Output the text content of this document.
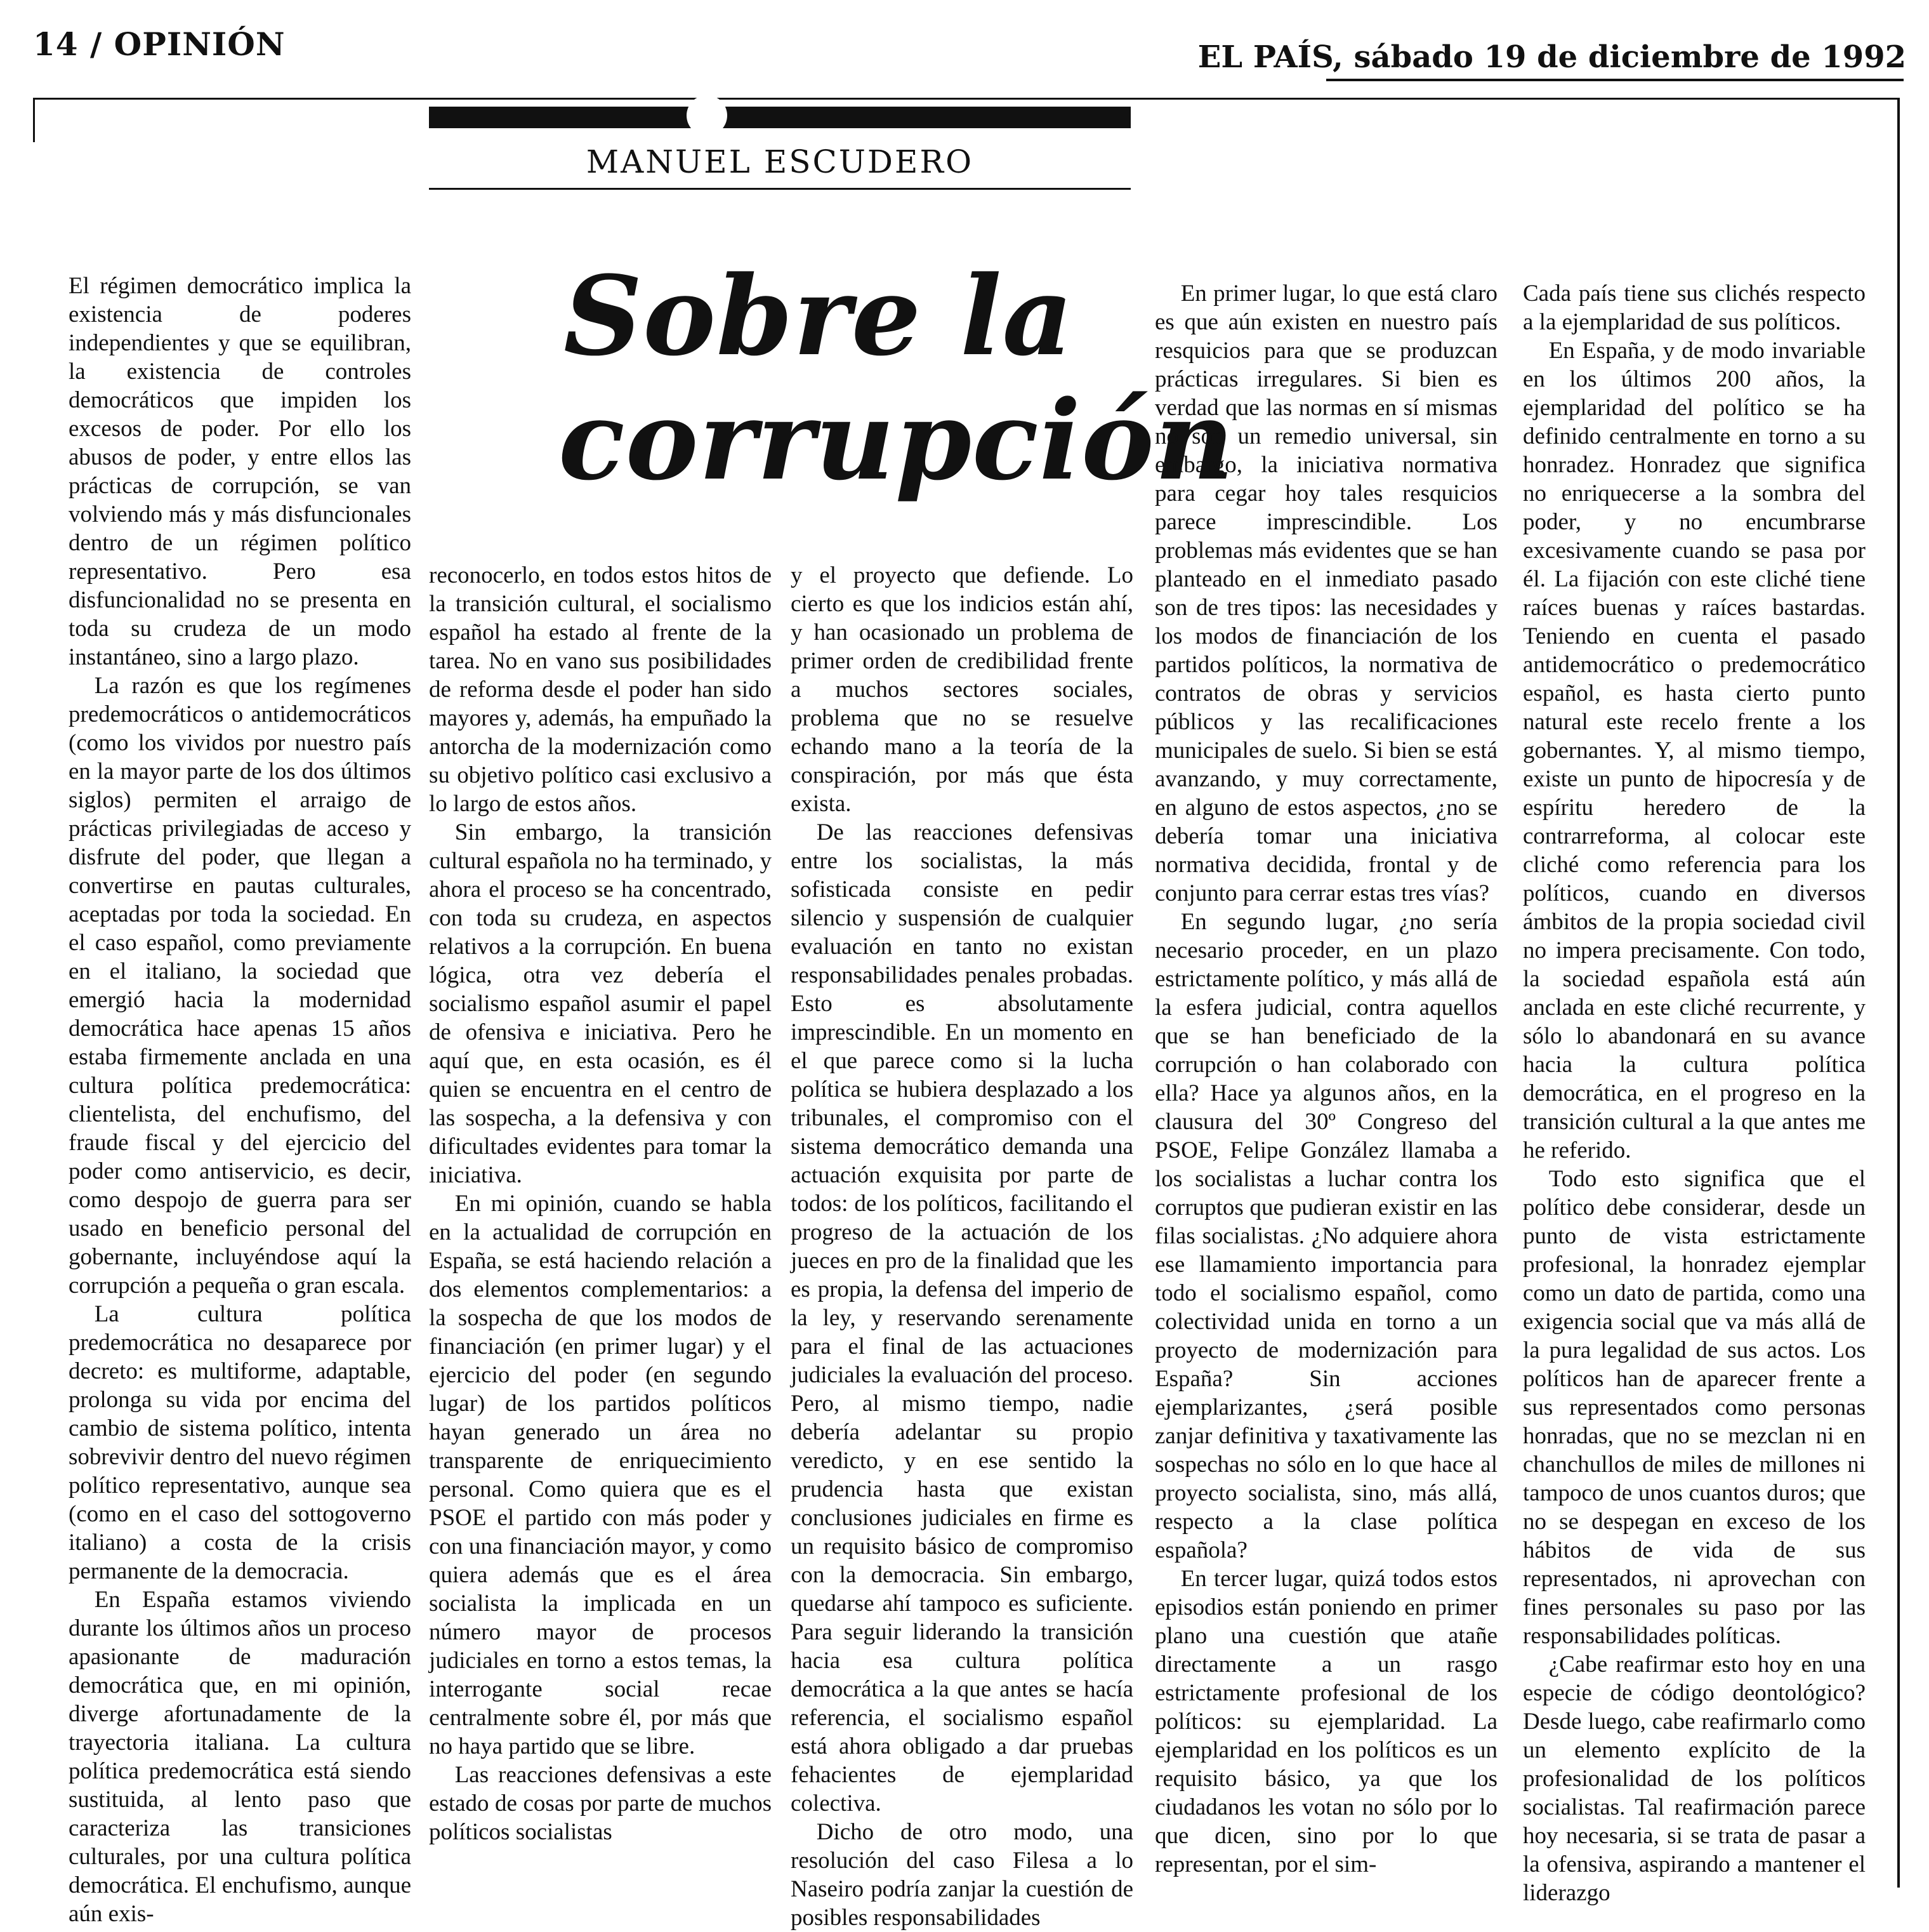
14 / OPINIÓN	EL PAÍS, sábado 19 de diciembre de 1992
MANUEL ESCUDERO
Sobre la
corrupción

El régimen democrático implica la existencia de poderes independientes y que se equilibran, la existencia de controles democráticos que impiden los excesos de poder. Por ello los abusos de poder, y entre ellos las prácticas de corrupción, se van volviendo más y más disfuncionales dentro de un régimen político representativo. Pero esa disfuncionalidad no se presenta en toda su crudeza de un modo instantáneo, sino a largo plazo.

La razón es que los regímenes predemocráticos o antidemocráticos (como los vividos por nuestro país en la mayor parte de los dos últimos siglos) permiten el arraigo de prácticas privilegiadas de acceso y disfrute del poder, que llegan a convertirse en pautas culturales, aceptadas por toda la sociedad. En el caso español, como previamente en el italiano, la sociedad que emergió hacia la modernidad democrática hace apenas 15 años estaba firmemente anclada en una cultura política predemocrática: clientelista, del enchufismo, del fraude fiscal y del ejercicio del poder como antiservicio, es decir, como despojo de guerra para ser usado en beneficio personal del gobernante, incluyéndose aquí la corrupción a pequeña o gran escala.

La cultura política predemocrática no desaparece por decreto: es multiforme, adaptable, prolonga su vida por encima del cambio de sistema político, intenta sobrevivir dentro del nuevo régimen político representativo, aunque sea (como en el caso del sottogoverno italiano) a costa de la crisis permanente de la democracia.

En España estamos viviendo durante los últimos años un proceso apasionante de maduración democrática que, en mi opinión, diverge afortunadamente de la trayectoria italiana. La cultura política predemocrática está siendo sustituida, al lento paso que caracteriza las transiciones culturales, por una cultura política democrática. El enchufismo, aunque aún exis-

reconocerlo, en todos estos hitos de la transición cultural, el socialismo español ha estado al frente de la tarea. No en vano sus posibilidades de reforma desde el poder han sido mayores y, además, ha empuñado la antorcha de la modernización como su objetivo político casi exclusivo a lo largo de estos años.

Sin embargo, la transición cultural española no ha terminado, y ahora el proceso se ha concentrado, con toda su crudeza, en aspectos relativos a la corrupción. En buena lógica, otra vez debería el socialismo español asumir el papel de ofensiva e iniciativa. Pero he aquí que, en esta ocasión, es él quien se encuentra en el centro de las sospecha, a la defensiva y con dificultades evidentes para tomar la iniciativa.

En mi opinión, cuando se habla en la actualidad de corrupción en España, se está haciendo relación a dos elementos complementarios: a la sospecha de que los modos de financiación (en primer lugar) y el ejercicio del poder (en segundo lugar) de los partidos políticos hayan generado un área no transparente de enriquecimiento personal. Como quiera que es el PSOE el partido con más poder y con una financiación mayor, y como quiera además que es el área socialista la implicada en un número mayor de procesos judiciales en torno a estos temas, la interrogante social recae centralmente sobre él, por más que no haya partido que se libre.

Las reacciones defensivas a este estado de cosas por parte de muchos políticos socialistas

y el proyecto que defiende. Lo cierto es que los indicios están ahí, y han ocasionado un problema de primer orden de credibilidad frente a muchos sectores sociales, problema que no se resuelve echando mano a la teoría de la conspiración, por más que ésta exista.

De las reacciones defensivas entre los socialistas, la más sofisticada consiste en pedir silencio y suspensión de cualquier evaluación en tanto no existan responsabilidades penales probadas. Esto es absolutamente imprescindible. En un momento en el que parece como si la lucha política se hubiera desplazado a los tribunales, el compromiso con el sistema democrático demanda una actuación exquisita por parte de todos: de los políticos, facilitando el progreso de la actuación de los jueces en pro de la finalidad que les es propia, la defensa del imperio de la ley, y reservando serenamente para el final de las actuaciones judiciales la evaluación del proceso. Pero, al mismo tiempo, nadie debería adelantar su propio veredicto, y en ese sentido la prudencia hasta que existan conclusiones judiciales en firme es un requisito básico de compromiso con la democracia. Sin embargo, quedarse ahí tampoco es suficiente. Para seguir liderando la transición hacia esa cultura política democrática a la que antes se hacía referencia, el socialismo español está ahora obligado a dar pruebas fehacientes de ejemplaridad colectiva.

Dicho de otro modo, una resolución del caso Filesa a lo Naseiro podría zanjar la cuestión de posibles responsabilidades

En primer lugar, lo que está claro es que aún existen en nuestro país resquicios para que se produzcan prácticas irregulares. Si bien es verdad que las normas en sí mismas no son un remedio universal, sin embargo, la iniciativa normativa para cegar hoy tales resquicios parece imprescindible. Los problemas más evidentes que se han planteado en el inmediato pasado son de tres tipos: las necesidades y los modos de financiación de los partidos políticos, la normativa de contratos de obras y servicios públicos y las recalificaciones municipales de suelo. Si bien se está avanzando, y muy correctamente, en alguno de estos aspectos, ¿no se debería tomar una iniciativa normativa decidida, frontal y de conjunto para cerrar estas tres vías?

En segundo lugar, ¿no sería necesario proceder, en un plazo estrictamente político, y más allá de la esfera judicial, contra aquellos que se han beneficiado de la corrupción o han colaborado con ella? Hace ya algunos años, en la clausura del 30º Congreso del PSOE, Felipe González llamaba a los socialistas a luchar contra los corruptos que pudieran existir en las filas socialistas. ¿No adquiere ahora ese llamamiento importancia para todo el socialismo español, como colectividad unida en torno a un proyecto de modernización para España? Sin acciones ejemplarizantes, ¿será posible zanjar definitiva y taxativamente las sospechas no sólo en lo que hace al proyecto socialista, sino, más allá, respecto a la clase política española?

En tercer lugar, quizá todos estos episodios están poniendo en primer plano una cuestión que atañe directamente a un rasgo estrictamente profesional de los políticos: su ejemplaridad. La ejemplaridad en los políticos es un requisito básico, ya que los ciudadanos les votan no sólo por lo que dicen, sino por lo que representan, por el sim-

Cada país tiene sus clichés respecto a la ejemplaridad de sus políticos.

En España, y de modo invariable en los últimos 200 años, la ejemplaridad del político se ha definido centralmente en torno a su honradez. Honradez que significa no enriquecerse a la sombra del poder, y no encumbrarse excesivamente cuando se pasa por él. La fijación con este cliché tiene raíces buenas y raíces bastardas. Teniendo en cuenta el pasado antidemocrático o predemocrático español, es hasta cierto punto natural este recelo frente a los gobernantes. Y, al mismo tiempo, existe un punto de hipocresía y de espíritu heredero de la contrarreforma, al colocar este cliché como referencia para los políticos, cuando en diversos ámbitos de la propia sociedad civil no impera precisamente. Con todo, la sociedad española está aún anclada en este cliché recurrente, y sólo lo abandonará en su avance hacia la cultura política democrática, en el progreso en la transición cultural a la que antes me he referido.

Todo esto significa que el político debe considerar, desde un punto de vista estrictamente profesional, la honradez ejemplar como un dato de partida, como una exigencia social que va más allá de la pura legalidad de sus actos. Los políticos han de aparecer frente a sus representados como personas honradas, que no se mezclan ni en chanchullos de miles de millones ni tampoco de unos cuantos duros; que no se despegan en exceso de los hábitos de vida de sus representados, ni aprovechan con fines personales su paso por las responsabilidades políticas.

¿Cabe reafirmar esto hoy en una especie de código deontológico? Desde luego, cabe reafirmarlo como un elemento explícito de la profesionalidad de los políticos socialistas. Tal reafirmación parece hoy necesaria, si se trata de pasar a la ofensiva, aspirando a mantener el liderazgo
